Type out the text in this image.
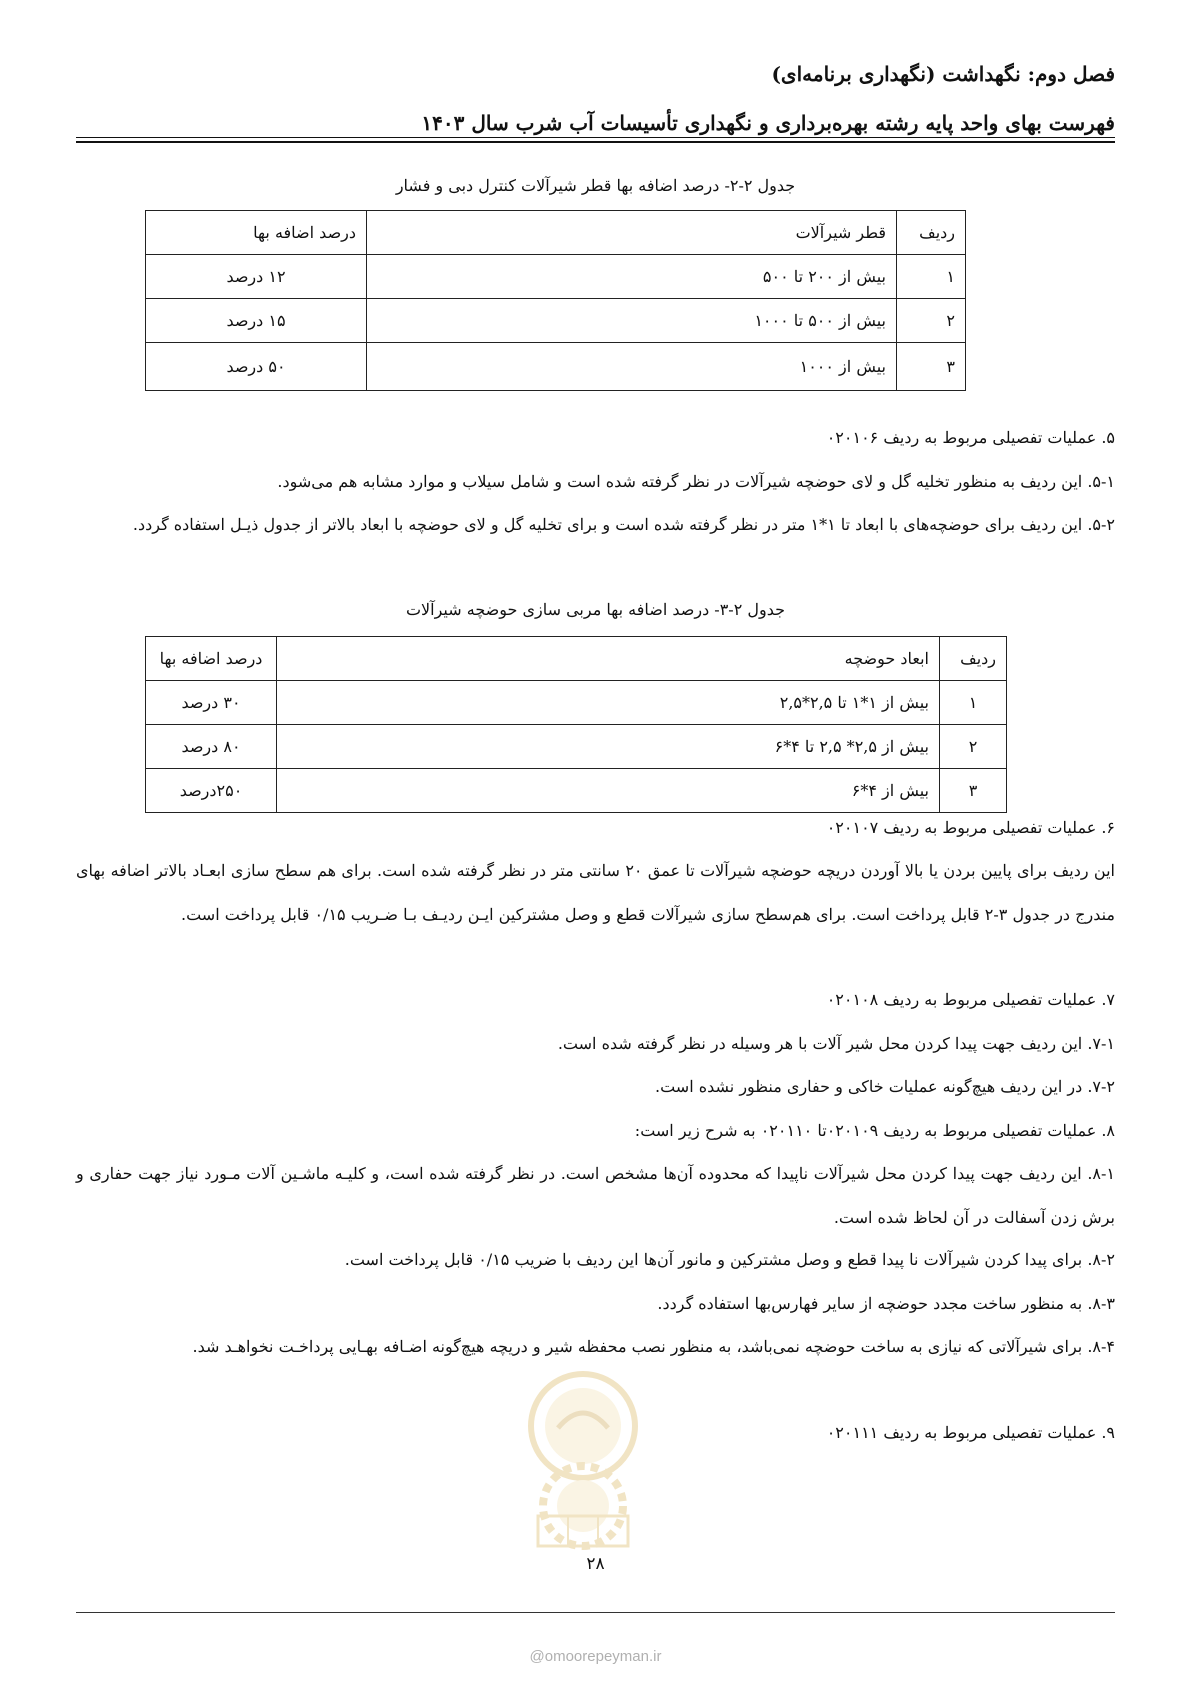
فصل دوم: نگهداشت (نگهداری برنامه‌ای)
فهرست بهای واحد پایه رشته بهره‌برداری و نگهداری تأسیسات آب شرب سال ۱۴۰۳
جدول ۲-۲- درصد اضافه بها قطر شیرآلات کنترل دبی و فشار
ردیف	قطر شیرآلات	درصد اضافه بها
۱	بیش از ۲۰۰ تا ۵۰۰	۱۲ درصد
۲	بیش از ۵۰۰ تا ۱۰۰۰	۱۵ درصد
۳	بیش از ۱۰۰۰	۵۰ درصد
۵. عملیات تفصیلی مربوط به ردیف ۰۲۰۱۰۶
۵-۱. این ردیف به منظور تخلیه گل و لای حوضچه شیرآلات در نظر گرفته شده است و شامل سیلاب و موارد مشابه هم می‌شود.
۵-۲. این ردیف برای حوضچه‌های با ابعاد تا ۱*۱ متر در نظر گرفته شده است و برای تخلیه گل و لای حوضچه با ابعاد بالاتر از جدول ذیـل استفاده گردد.
جدول ۲-۳- درصد اضافه بها مربی سازی حوضچه شیرآلات
ردیف	ابعاد حوضچه	درصد اضافه بها
۱	بیش از ۱*۱ تا ۲,۵*۲,۵	۳۰ درصد
۲	بیش از ۲,۵* ۲,۵ تا ۴*۶	۸۰ درصد
۳	بیش از ۴*۶	۲۵۰درصد
۶. عملیات تفصیلی مربوط به ردیف ۰۲۰۱۰۷
این ردیف برای پایین بردن یا بالا آوردن دریچه حوضچه شیرآلات تا عمق ۲۰ سانتی متر در نظر گرفته شده است. برای هم سطح سازی ابعـاد بالاتر اضافه بهای مندرج در جدول ۳-۲ قابل پرداخت است. برای هم‌سطح سازی شیرآلات قطع و وصل مشترکین ایـن ردیـف بـا ضـریب ۰/۱۵ قابل پرداخت است.
۷. عملیات تفصیلی مربوط به ردیف ۰۲۰۱۰۸
۷-۱. این ردیف جهت پیدا کردن محل شیر آلات با هر وسیله در نظر گرفته شده است.
۷-۲. در این ردیف هیچ‌گونه عملیات خاکی و حفاری منظور نشده است.
۸. عملیات تفصیلی مربوط به ردیف ۰۲۰۱۰۹تا ۰۲۰۱۱۰ به شرح زیر است:
۸-۱. این ردیف جهت پیدا کردن محل شیرآلات ناپیدا که محدوده آن‌ها مشخص است. در نظر گرفته شده است، و کلیـه ماشـین آلات مـورد نیاز جهت حفاری و برش زدن آسفالت در آن لحاظ شده است.
۸-۲. برای پیدا کردن شیرآلات نا پیدا قطع و وصل مشترکین و مانور آن‌ها این ردیف با ضریب ۰/۱۵ قابل پرداخت است.
۸-۳. به منظور ساخت مجدد حوضچه از سایر فهارس‌بها استفاده گردد.
۸-۴. برای شیرآلاتی که نیازی به ساخت حوضچه نمی‌باشد، به منظور نصب محفظه شیر و دریچه هیچ‌گونه اضـافه بهـایی پرداخـت نخواهـد شد.
۹. عملیات تفصیلی مربوط به ردیف ۰۲۰۱۱۱
۲۸
@omoorepeyman.ir
